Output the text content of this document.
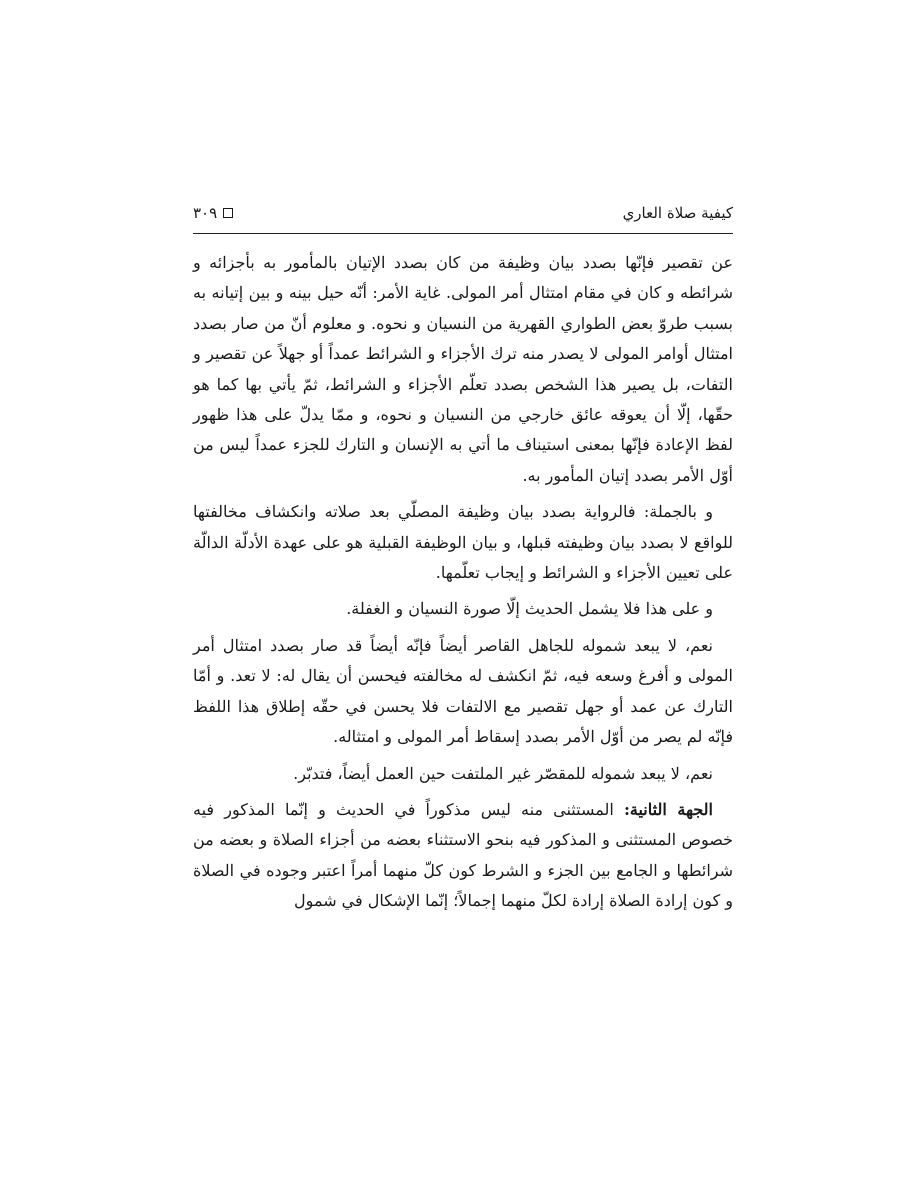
كيفية صلاة العاري
٣٠٩

عن تقصير فإنّها بصدد بيان وظيفة من كان بصدد الإتيان بالمأمور به بأجزائه و شرائطه و كان في مقام امتثال أمر المولى. غاية الأمر: أنّه حيل بينه و بين إتيانه به بسبب طروّ بعض الطواري القهرية من النسيان و نحوه. و معلوم أنّ من صار بصدد امتثال أوامر المولى لا يصدر منه ترك الأجزاء و الشرائط عمداً أو جهلاً عن تقصير و التفات، بل يصير هذا الشخص بصدد تعلّم الأجزاء و الشرائط، ثمّ يأتي بها كما هو حقّها، إلّا أن يعوقه عائق خارجي من النسيان و نحوه، و ممّا يدلّ على هذا ظهور لفظ الإعادة فإنّها بمعنى استيناف ما أتي به الإنسان و التارك للجزء عمداً ليس من أوّل الأمر بصدد إتيان المأمور به.

و بالجملة: فالرواية بصدد بيان وظيفة المصلّي بعد صلاته وانكشاف مخالفتها للواقع لا بصدد بيان وظيفته قبلها، و بيان الوظيفة القبلية هو على عهدة الأدلّة الدالّة على تعيين الأجزاء و الشرائط و إيجاب تعلّمها.

و على هذا فلا يشمل الحديث إلّا صورة النسيان و الغفلة.

نعم، لا يبعد شموله للجاهل القاصر أيضاً فإنّه أيضاً قد صار بصدد امتثال أمر المولى و أفرغ وسعه فيه، ثمّ انكشف له مخالفته فيحسن أن يقال له: لا تعد. و أمّا التارك عن عمد أو جهل تقصير مع الالتفات فلا يحسن في حقّه إطلاق هذا اللفظ فإنّه لم يصر من أوّل الأمر بصدد إسقاط أمر المولى و امتثاله.

نعم، لا يبعد شموله للمقصّر غير الملتفت حين العمل أيضاً، فتدبّر.

الجهة الثانية: المستثنى منه ليس مذكوراً في الحديث و إنّما المذكور فيه خصوص المستثنى و المذكور فيه بنحو الاستثناء بعضه من أجزاء الصلاة و بعضه من شرائطها و الجامع بين الجزء و الشرط كون كلّ منهما أمراً اعتبر وجوده في الصلاة و كون إرادة الصلاة إرادة لكلّ منهما إجمالاً؛ إنّما الإشكال في شمول
